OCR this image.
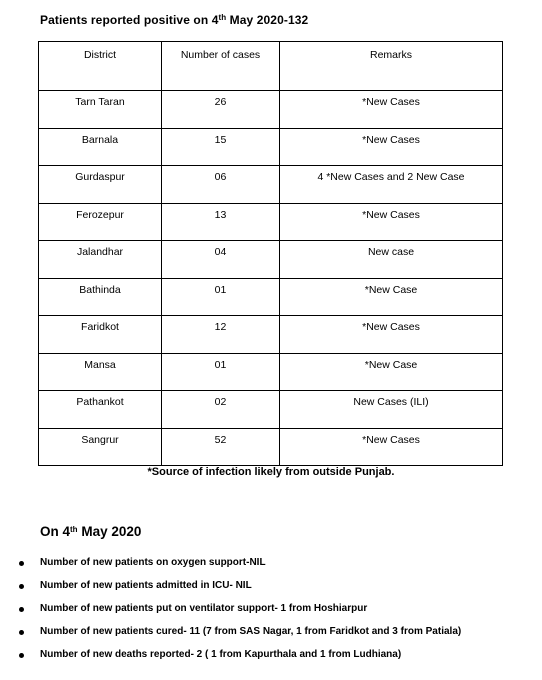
Patients reported positive on 4th May 2020-132
District	Number of cases	Remarks
Tarn Taran	26	*New Cases
Barnala	15	*New Cases
Gurdaspur	06	4 *New Cases and 2 New Case
Ferozepur	13	*New Cases
Jalandhar	04	New case
Bathinda	01	*New Case
Faridkot	12	*New Cases
Mansa	01	*New Case
Pathankot	02	New Cases (ILI)
Sangrur	52	*New Cases
*Source of infection likely from outside Punjab.
On 4th May 2020
Number of new patients on oxygen support-NIL
Number of new patients admitted in ICU- NIL
Number of new patients put on ventilator support- 1 from Hoshiarpur
Number of new patients cured- 11 (7 from SAS Nagar, 1 from Faridkot and 3 from Patiala)
Number of new deaths reported- 2 ( 1 from Kapurthala and 1 from Ludhiana)
